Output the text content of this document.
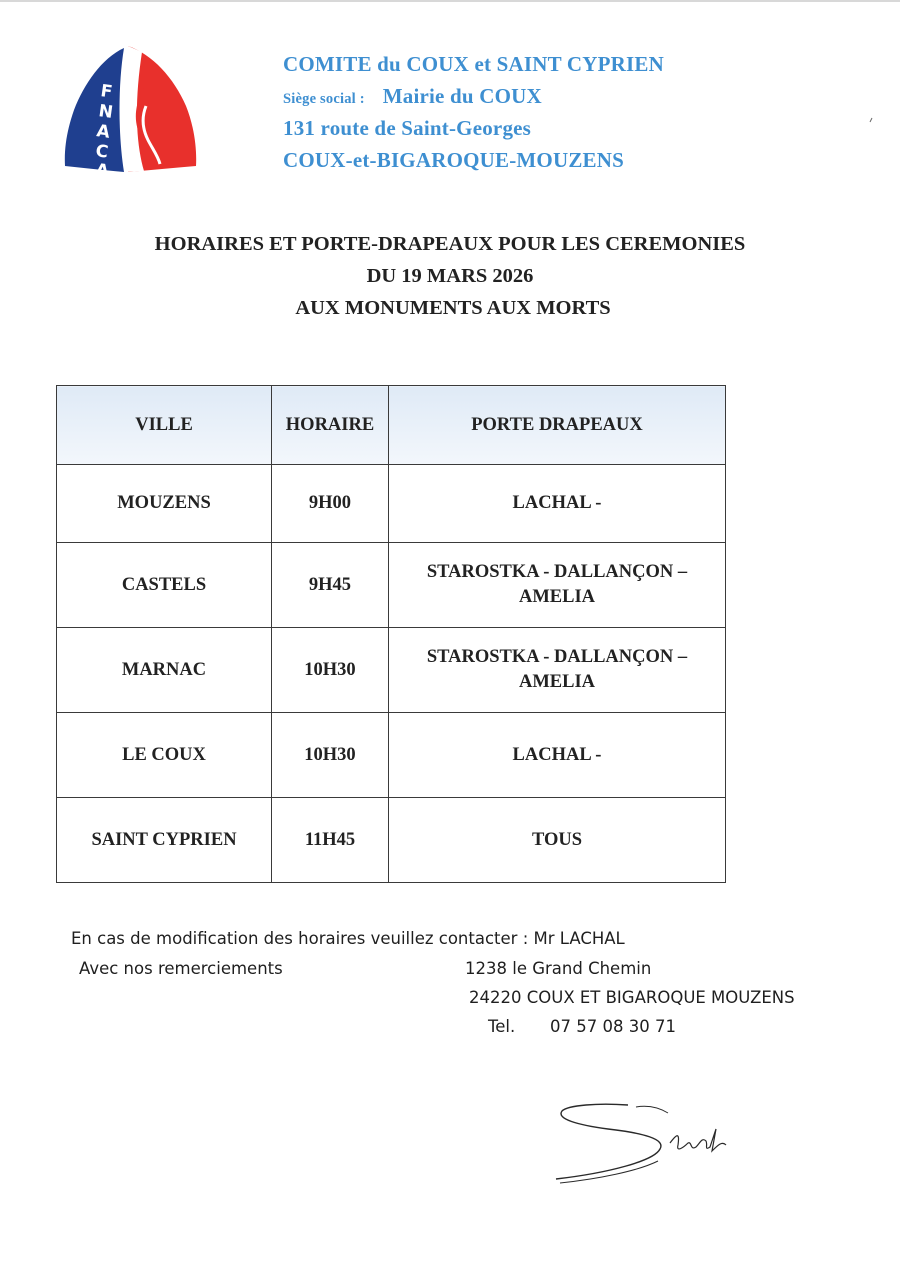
F
N
A
C
A
COMITE du COUX et SAINT CYPRIEN
Siège social : Mairie du COUX
131 route de Saint-Georges
COUX-et-BIGAROQUE-MOUZENS
HORAIRES ET PORTE-DRAPEAUX POUR LES CEREMONIES
DU 19 MARS 2026
AUX MONUMENTS AUX MORTS
VILLE	HORAIRE	PORTE DRAPEAUX
MOUZENS	9H00	LACHAL -
CASTELS	9H45	STAROSTKA - DALLANÇON –
AMELIA
MARNAC	10H30	STAROSTKA - DALLANÇON –
AMELIA
LE COUX	10H30	LACHAL -
SAINT CYPRIEN	11H45	TOUS
En cas de modification des horaires veuillez contacter : Mr LACHAL
Avec nos remerciements	1238 le Grand Chemin
24220 COUX ET BIGAROQUE MOUZENS
Tel. 07 57 08 30 71
